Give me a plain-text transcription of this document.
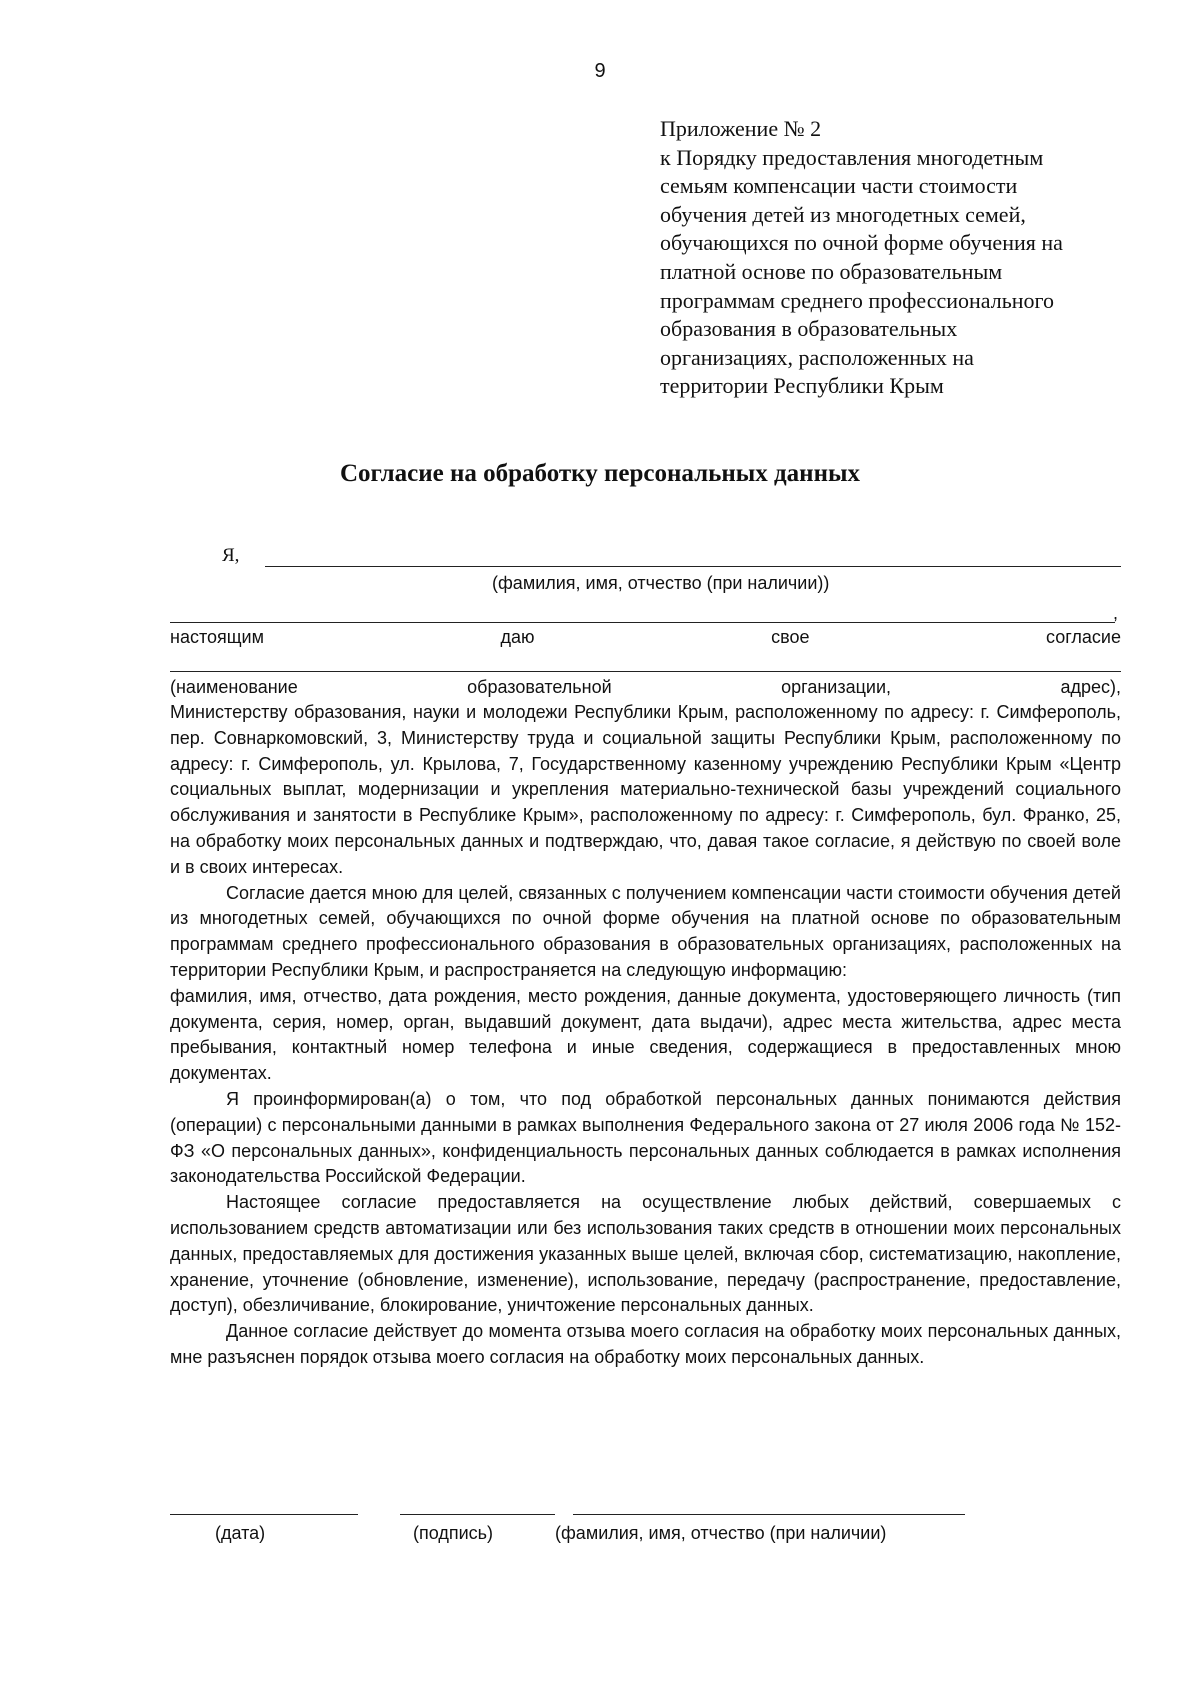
9
Приложение № 2
к Порядку предоставления многодетным
семьям компенсации части стоимости
обучения детей из многодетных семей,
обучающихся по очной форме обучения на
платной основе по образовательным
программам среднего профессионального
образования в образовательных
организациях, расположенных на
территории Республики Крым
Согласие на обработку персональных данных
Я,
(фамилия, имя, отчество (при наличии))
,
настоящим	даю	свое	согласие
(наименование	образовательной	организации,	адрес),

Министерству образования, науки и молодежи Республики Крым, расположенному по адресу: г. Симферополь, пер. Совнаркомовский, 3, Министерству труда и социальной защиты Республики Крым, расположенному по адресу: г. Симферополь, ул. Крылова, 7, Государственному казенному учреждению Республики Крым «Центр социальных выплат, модернизации и укрепления материально-технической базы учреждений социального обслуживания и занятости в Республике Крым», расположенному по адресу: г. Симферополь, бул. Франко, 25, на обработку моих персональных данных и подтверждаю, что, давая такое согласие, я действую по своей воле и в своих интересах.

Согласие дается мною для целей, связанных с получением компенсации части стоимости обучения детей из многодетных семей, обучающихся по очной форме обучения на платной основе по образовательным программам среднего профессионального образования в образовательных организациях, расположенных на территории Республики Крым, и распространяется на следующую информацию:

фамилия, имя, отчество, дата рождения, место рождения, данные документа, удостоверяющего личность (тип документа, серия, номер, орган, выдавший документ, дата выдачи), адрес места жительства, адрес места пребывания, контактный номер телефона и иные сведения, содержащиеся в предоставленных мною документах.

Я проинформирован(а) о том, что под обработкой персональных данных понимаются действия (операции) с персональными данными в рамках выполнения Федерального закона от 27 июля 2006 года № 152-ФЗ «О персональных данных», конфиденциальность персональных данных соблюдается в рамках исполнения законодательства Российской Федерации.

Настоящее согласие предоставляется на осуществление любых действий, совершаемых с использованием средств автоматизации или без использования таких средств в отношении моих персональных данных, предоставляемых для достижения указанных выше целей, включая сбор, систематизацию, накопление, хранение, уточнение (обновление, изменение), использование, передачу (распространение, предоставление, доступ), обезличивание, блокирование, уничтожение персональных данных.

Данное согласие действует до момента отзыва моего согласия на обработку моих персональных данных, мне разъяснен порядок отзыва моего согласия на обработку моих персональных данных.

(дата)	(подпись)	(фамилия, имя, отчество (при наличии)
